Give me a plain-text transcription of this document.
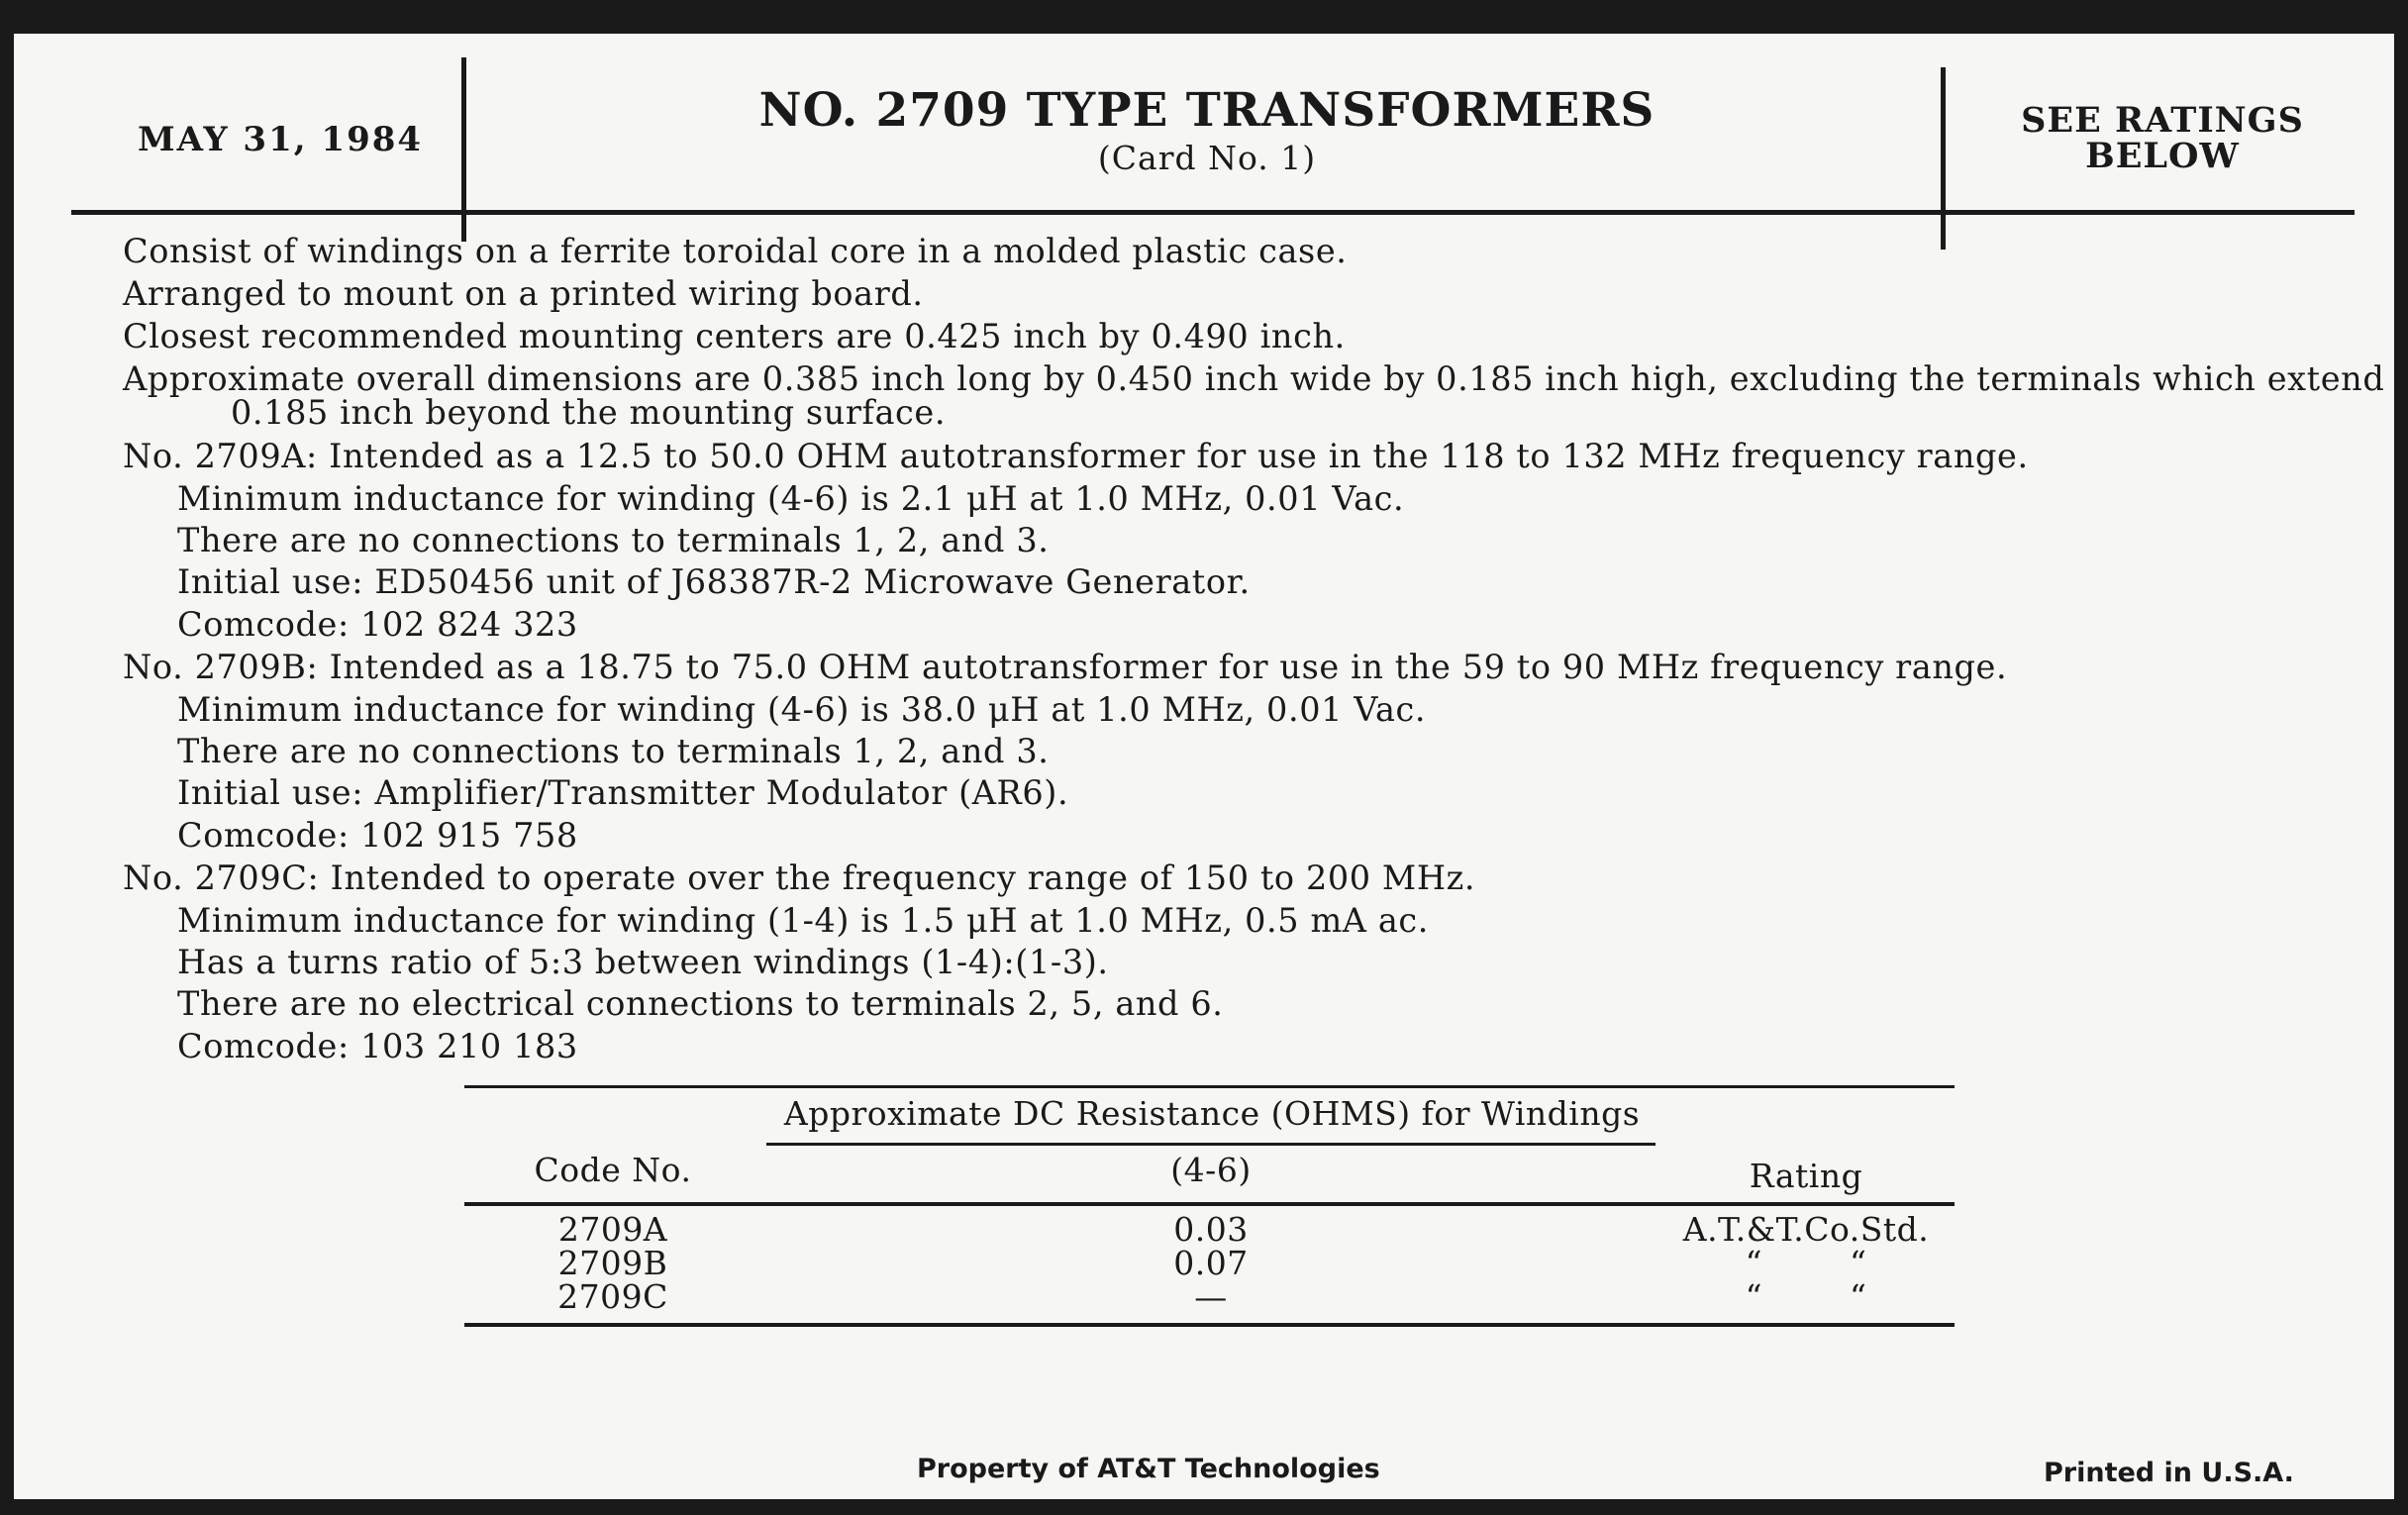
MAY 31, 1984
NO. 2709 TYPE TRANSFORMERS
(Card No. 1)
SEE RATINGS
BELOW
Consist of windings on a ferrite toroidal core in a molded plastic case.
Arranged to mount on a printed wiring board.
Closest recommended mounting centers are 0.425 inch by 0.490 inch.
Approximate overall dimensions are 0.385 inch long by 0.450 inch wide by 0.185 inch high, excluding the terminals which extend
0.185 inch beyond the mounting surface.
No. 2709A: Intended as a 12.5 to 50.0 OHM autotransformer for use in the 118 to 132 MHz frequency range.
Minimum inductance for winding (4-6) is 2.1 μH at 1.0 MHz, 0.01 Vac.
There are no connections to terminals 1, 2, and 3.
Initial use: ED50456 unit of J68387R-2 Microwave Generator.
Comcode: 102 824 323
No. 2709B: Intended as a 18.75 to 75.0 OHM autotransformer for use in the 59 to 90 MHz frequency range.
Minimum inductance for winding (4-6) is 38.0 μH at 1.0 MHz, 0.01 Vac.
There are no connections to terminals 1, 2, and 3.
Initial use: Amplifier/Transmitter Modulator (AR6).
Comcode: 102 915 758
No. 2709C: Intended to operate over the frequency range of 150 to 200 MHz.
Minimum inductance for winding (1-4) is 1.5 μH at 1.0 MHz, 0.5 mA ac.
Has a turns ratio of 5:3 between windings (1-4):(1-3).
There are no electrical connections to terminals 2, 5, and 6.
Comcode: 103 210 183
Approximate DC Resistance (OHMS) for Windings
Code No.	(4-6)	Rating
2709A	0.03	A.T.&T.Co.Std.
2709B	0.07	“        “
2709C	—	“        “
Property of AT&T Technologies	Printed in U.S.A.
